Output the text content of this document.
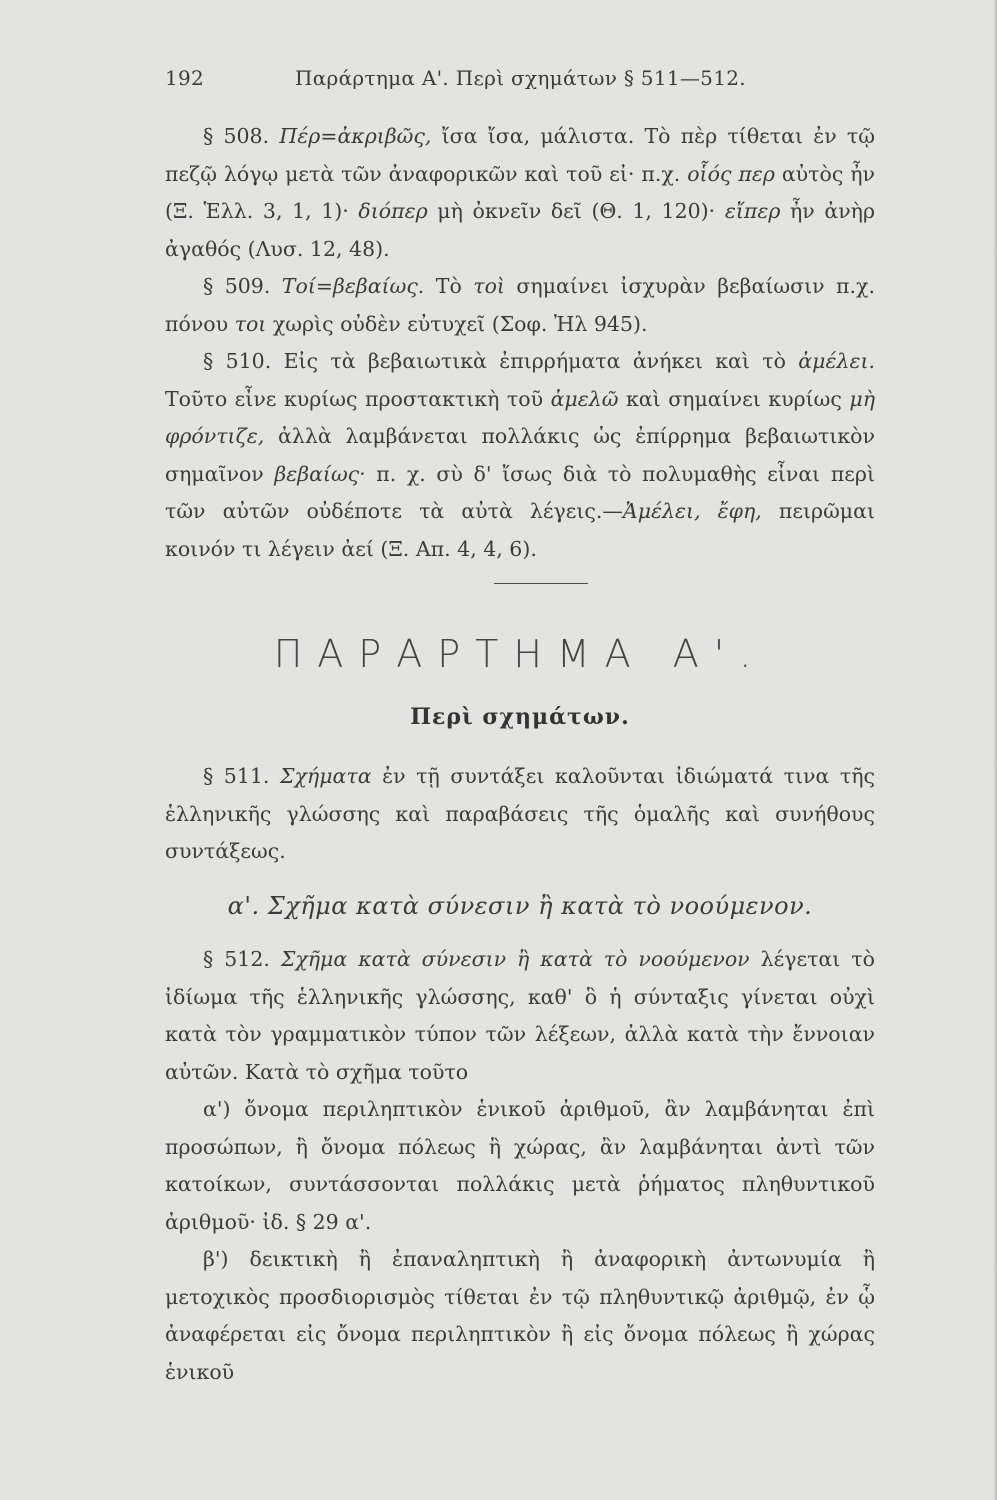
192	Παράρτημα Α'. Περὶ σχημάτων § 511—512.

§ 508. Πέρ=ἀκριβῶς, ἴσα ἴσα, μάλιστα. Τὸ πὲρ τίθεται ἐν τῷ πεζῷ λόγῳ μετὰ τῶν ἀναφορικῶν καὶ τοῦ εἰ· π.χ. οἷός περ αὐτὸς ἦν (Ξ. Ἑλλ. 3, 1, 1)· διόπερ μὴ ὀκνεῖν δεῖ (Θ. 1, 120)· εἴπερ ἦν ἀνὴρ ἀγαθός (Λυσ. 12, 48).

§ 509. Τοί=βεβαίως. Τὸ τοὶ σημαίνει ἰσχυρὰν βεβαίωσιν π.χ. πόνου τοι χωρὶς οὐδὲν εὐτυχεῖ (Σοφ. Ἠλ 945).

§ 510. Εἰς τὰ βεβαιωτικὰ ἐπιρρήματα ἀνήκει καὶ τὸ ἀμέλει. Τοῦτο εἶνε κυρίως προστακτικὴ τοῦ ἀμελῶ καὶ σημαίνει κυρίως μὴ φρόντιζε, ἀλλὰ λαμβάνεται πολλάκις ὡς ἐπίρρημα βεβαιωτικὸν σημαῖνον βεβαίως· π. χ. σὺ δ' ἴσως διὰ τὸ πολυμαθὴς εἶναι περὶ τῶν αὐτῶν οὐδέποτε τὰ αὐτὰ λέγεις.—Ἀμέλει, ἔφη, πειρῶμαι κοινόν τι λέγειν ἀεί (Ξ. Απ. 4, 4, 6).

ΠΑΡΑΡΤΗΜΑ Α'.
Περὶ σχημάτων.

§ 511. Σχήματα ἐν τῇ συντάξει καλοῦνται ἰδιώματά τινα τῆς ἑλληνικῆς γλώσσης καὶ παραβάσεις τῆς ὁμαλῆς καὶ συνήθους συντάξεως.

α'. Σχῆμα κατὰ σύνεσιν ἢ κατὰ τὸ νοούμενον.

§ 512. Σχῆμα κατὰ σύνεσιν ἢ κατὰ τὸ νοούμενον λέγεται τὸ ἰδίωμα τῆς ἑλληνικῆς γλώσσης, καθ' ὃ ἡ σύνταξις γίνεται οὐχὶ κατὰ τὸν γραμματικὸν τύπον τῶν λέξεων, ἀλλὰ κατὰ τὴν ἔννοιαν αὐτῶν. Κατὰ τὸ σχῆμα τοῦτο

α') ὄνομα περιληπτικὸν ἑνικοῦ ἀριθμοῦ, ἂν λαμβάνηται ἐπὶ προσώπων, ἢ ὄνομα πόλεως ἢ χώρας, ἂν λαμβάνηται ἀντὶ τῶν κατοίκων, συντάσσονται πολλάκις μετὰ ῥήματος πληθυντικοῦ ἀριθμοῦ· ἰδ. § 29 α'.

β') δεικτικὴ ἢ ἐπαναληπτικὴ ἢ ἀναφορικὴ ἀντωνυμία ἢ μετοχικὸς προσδιορισμὸς τίθεται ἐν τῷ πληθυντικῷ ἀριθμῷ, ἐν ᾧ ἀναφέρεται εἰς ὄνομα περιληπτικὸν ἢ εἰς ὄνομα πόλεως ἢ χώρας ἑνικοῦ
